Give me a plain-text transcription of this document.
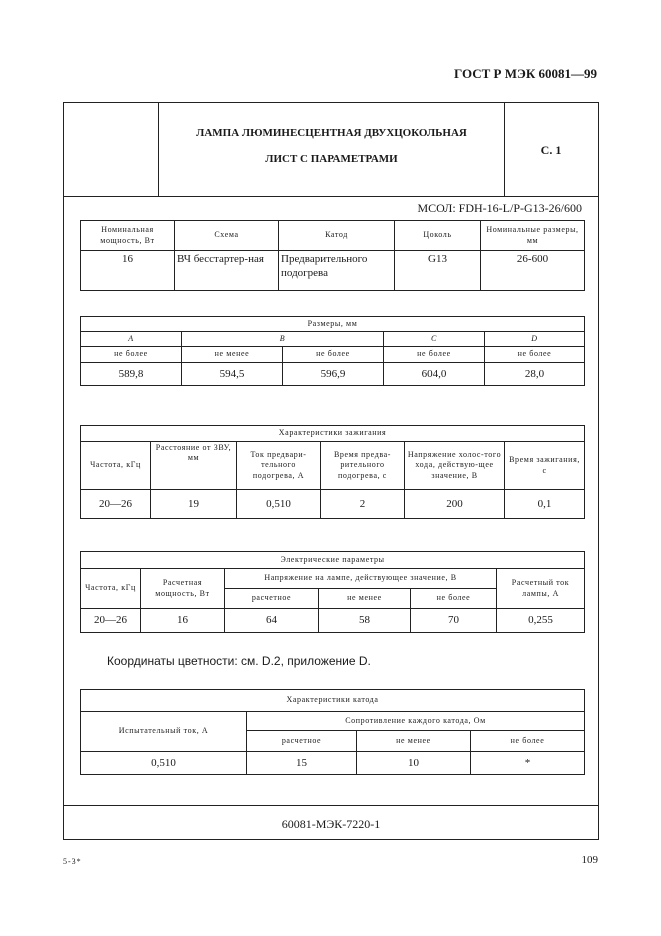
ГОСТ Р МЭК 60081—99
ЛАМПА ЛЮМИНЕСЦЕНТНАЯ ДВУХЦОКОЛЬНАЯ
ЛИСТ С ПАРАМЕТРАМИ
С. 1
МСОЛ: FDH-16-L/P-G13-26/600
Номинальная мощность, Вт	Схема	Катод	Цоколь	Номинальные размеры, мм
16	ВЧ бесстартер-ная	Предварительного подогрева	G13	26-600
Размеры, мм				
A	B		C	D
не более	не менее	не более	не более	не более
589,8	594,5	596,9	604,0	28,0
Характеристики зажигания					
Частота, кГц	Расстояние от ЗВУ, мм	Ток предвари-тельного подогрева, А	Время предва-рительного подогрева, с	Напряжение холос-того хода, действую-щее значение, В	Время зажигания, с
20—26	19	0,510	2	200	0,1
Электрические параметры					
Частота, кГц	Расчетная мощность, Вт	Напряжение на лампе, действующее значение, В			Расчетный ток лампы, А
		расчетное	не менее	не более	
20—26	16	64	58	70	0,255
Координаты цветности: см. D.2, приложение D.
Характеристики катода			
Испытательный ток, А	Сопротивление каждого катода, Ом		
	расчетное	не менее	не более
0,510	15	10	*
60081-МЭК-7220-1
5-3*	109
